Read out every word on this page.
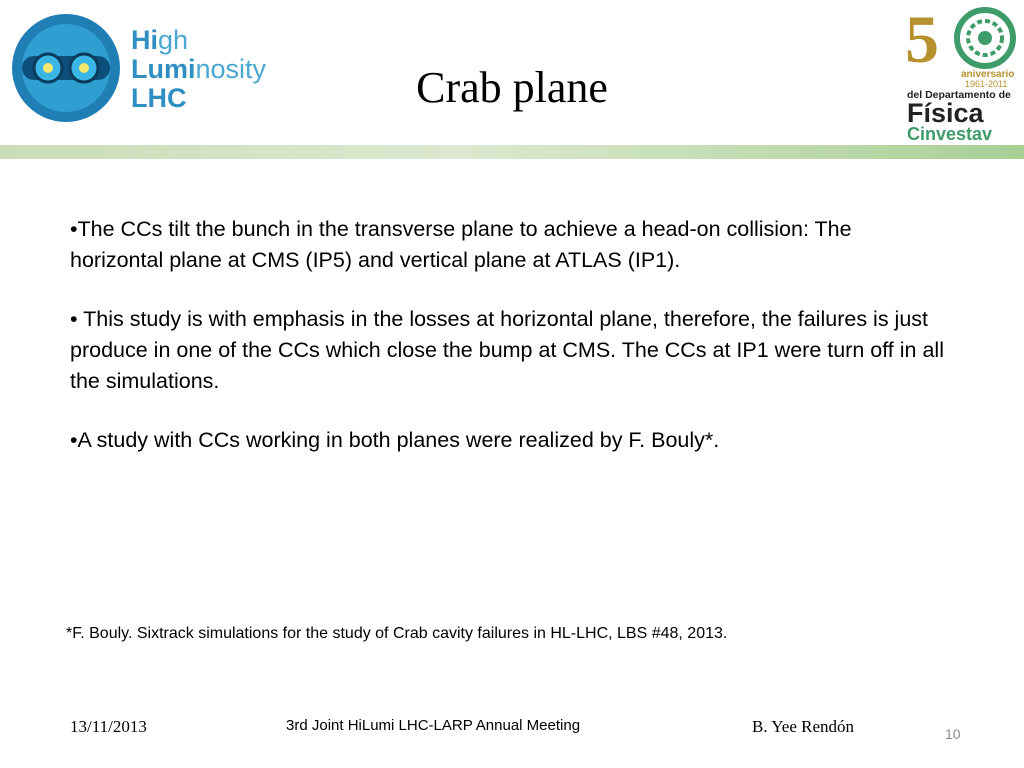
High
Luminosity
LHC	Crab plane
5 aniversario
1961-2011
del Departamento de
Física
Cinvestav

•The CCs tilt the bunch in the transverse plane to achieve a head-on collision: The horizontal plane at CMS (IP5) and vertical plane at ATLAS (IP1).

• This study is with emphasis in the losses at horizontal plane, therefore, the failures is just produce in one of the CCs which close the bump at CMS. The CCs at IP1 were turn off in all the simulations.

•A study with CCs working in both planes were realized by F. Bouly*.

*F. Bouly. Sixtrack simulations for the study of Crab cavity failures in HL-LHC, LBS #48, 2013.
13/11/2013	3rd Joint HiLumi LHC-LARP Annual Meeting	B. Yee Rendón	10
